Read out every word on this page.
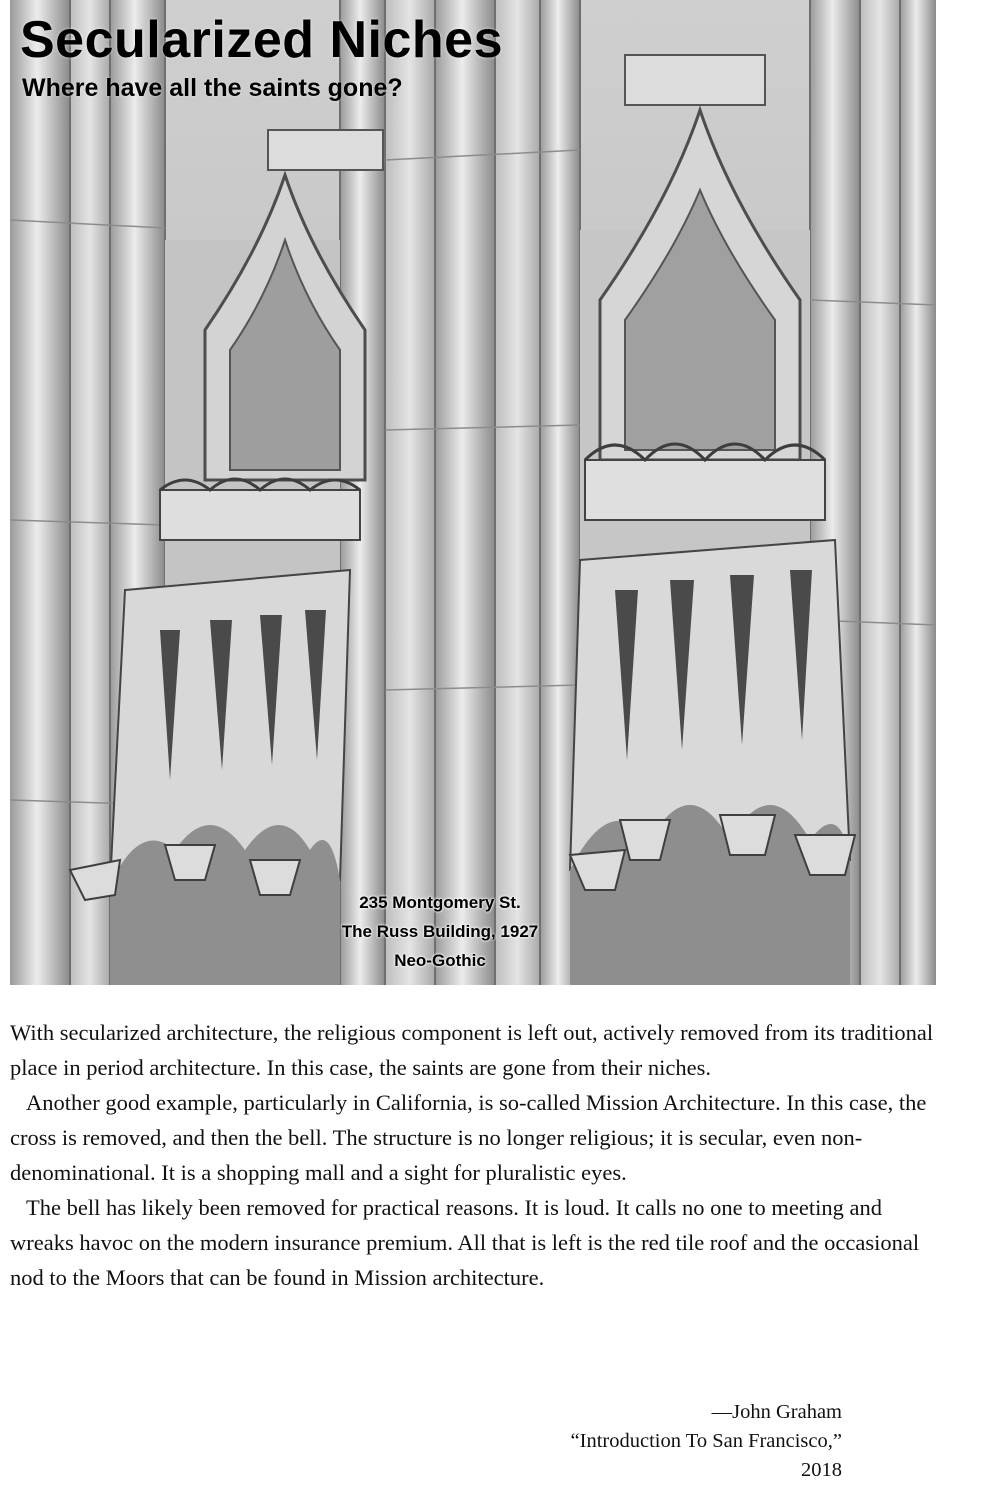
235 Montgomery St.
The Russ Building, 1927
Neo-Gothic
Secularized Niches
Where have all the saints gone?

With secularized architecture, the religious component is left out, actively removed from its traditional place in period architecture. In this case, the saints are gone from their niches.

Another good example, particularly in California, is so-called Mission Architecture. In this case, the cross is removed, and then the bell. The structure is no longer religious; it is secular, even non-denominational. It is a shopping mall and a sight for pluralistic eyes.

The bell has likely been removed for practical reasons. It is loud. It calls no one to meeting and wreaks havoc on the modern insurance premium. All that is left is the red tile roof and the occasional nod to the Moors that can be found in Mission architecture.

—John Graham
“Introduction To San Francisco,”
2018
